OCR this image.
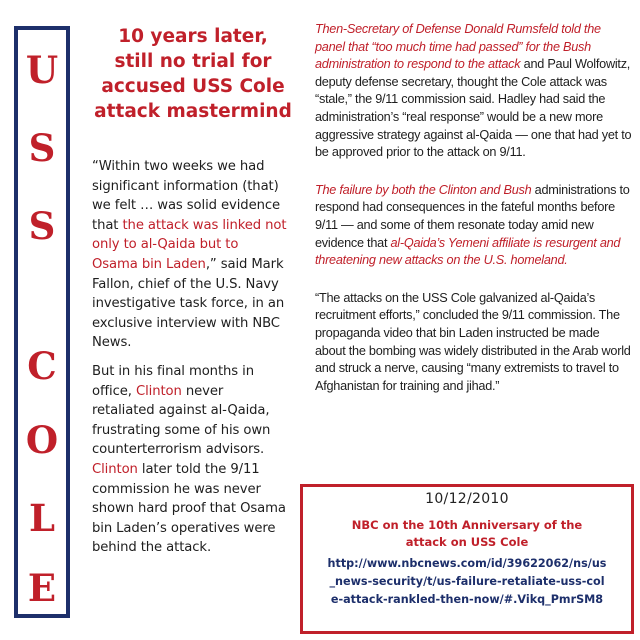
U
S
S
C
O
L
E
10 years later,
still no trial for
accused USS Cole
attack mastermind

“Within two weeks we had significant information (that) we felt … was solid evidence that the attack was linked not only to al-Qaida but to Osama bin Laden,” said Mark Fallon, chief of the U.S. Navy investigative task force, in an exclusive interview with NBC News.

But in his final months in office, Clinton never retaliated against al-Qaida, frustrating some of his own counterterrorism advisors. Clinton later told the 9/11 commission he was never shown hard proof that Osama bin Laden’s operatives were behind the attack.

Then-Secretary of Defense Donald Rumsfeld told the panel that “too much time had passed” for the Bush administration to respond to the attack and Paul Wolfowitz, deputy defense secretary, thought the Cole attack was “stale,” the 9/11 commission said. Hadley had said the administration’s “real response” would be a new more aggressive strategy against al-Qaida — one that had yet to be approved prior to the attack on 9/11.

The failure by both the Clinton and Bush administrations to respond had consequences in the fateful months before 9/11 — and some of them resonate today amid new evidence that al-Qaida’s Yemeni affiliate is resurgent and threatening new attacks on the U.S. homeland.

“The attacks on the USS Cole galvanized al-Qaida’s recruitment efforts,” concluded the 9/11 commission. The propaganda video that bin Laden instructed be made about the bombing was widely distributed in the Arab world and struck a nerve, causing “many extremists to travel to Afghanistan for training and jihad.”

10/12/2010
NBC on the 10th Anniversary of the attack on USS Cole
http://www.nbcnews.com/id/39622062/ns/us_news-security/t/us-failure-retaliate-uss-cole-attack-rankled-then-now/#.Vikq_PmrSM8
